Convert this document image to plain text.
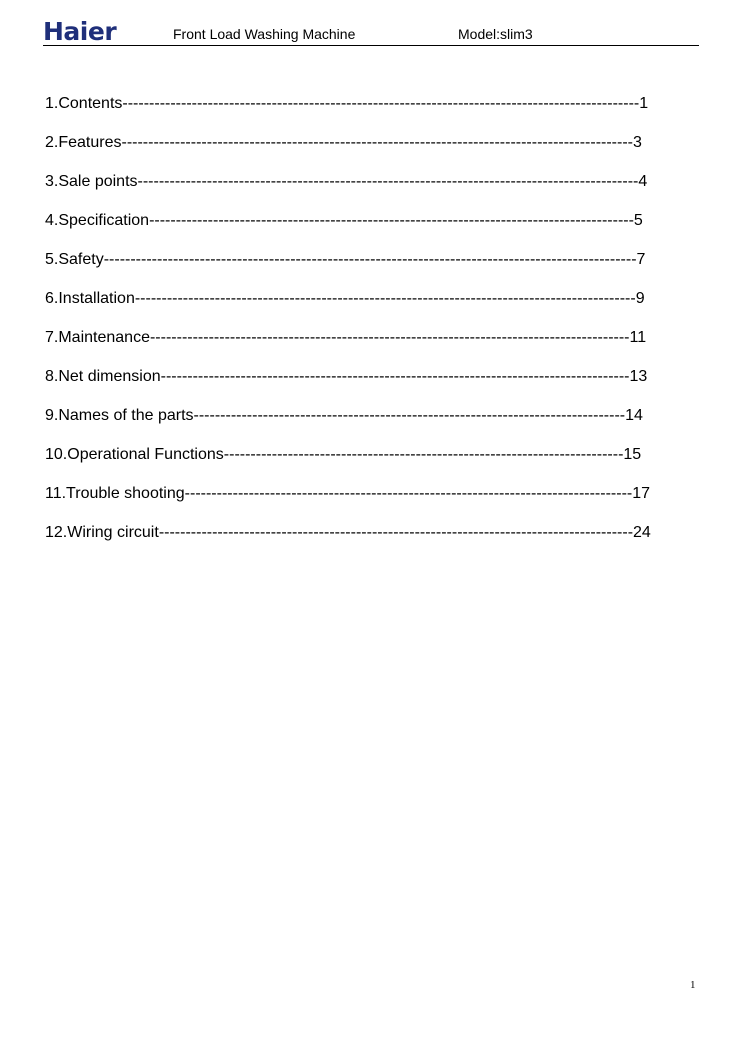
Haier	Front Load Washing Machine	Model:slim3
1.Contents ------------------------------------------------------------------------------------------------- 1
2.Features ------------------------------------------------------------------------------------------------ 3
3.Sale points ---------------------------------------------------------------------------------------------- 4
4.Specification ------------------------------------------------------------------------------------------- 5
5.Safety ---------------------------------------------------------------------------------------------------- 7
6.Installation ---------------------------------------------------------------------------------------------- 9
7.Maintenance ------------------------------------------------------------------------------------------ 11
8.Net dimension ---------------------------------------------------------------------------------------- 13
9.Names of the parts --------------------------------------------------------------------------------- 14
10.Operational Functions --------------------------------------------------------------------------- 15
11.Trouble shooting ------------------------------------------------------------------------------------ 17
12.Wiring circuit ----------------------------------------------------------------------------------------- 24
1
